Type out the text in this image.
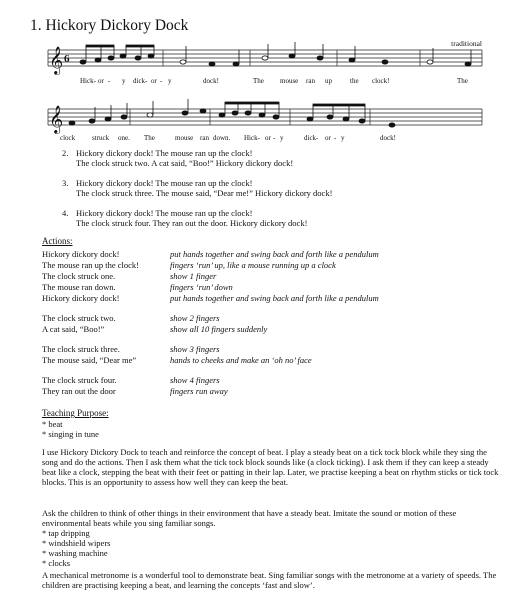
1. Hickory Dickory Dock
traditional
𝄞 6
Hick- or - y dick- or - y	dock!	The mouse ran up	the clock!	The
𝄞
clock struck one. The	mouse ran down. Hick- or - y	dick- or - y	dock!
2. Hickory dickory dock! The mouse ran up the clock!
The clock struck two. A cat said, “Boo!” Hickory dickory dock!
3. Hickory dickory dock! The mouse ran up the clock!
The clock struck three. The mouse said, “Dear me!” Hickory dickory dock!
4. Hickory dickory dock! The mouse ran up the clock!
The clock struck four. They ran out the door. Hickory dickory dock!
Actions:
Hickory dickory dock!	put hands together and swing back and forth like a pendulum
The mouse ran up the clock!	fingers ‘run’ up, like a mouse running up a clock
The clock struck one.	show 1 finger
The mouse ran down.	fingers ‘run’ down
Hickory dickory dock!	put hands together and swing back and forth like a pendulum
The clock struck two.	show 2 fingers
A cat said, “Boo!”	show all 10 fingers suddenly
The clock struck three.	show 3 fingers
The mouse said, “Dear me”	hands to cheeks and make an ‘oh no’ face
The clock struck four.	show 4 fingers
They ran out the door	fingers run away
Teaching Purpose:
* beat
* singing in tune
I use Hickory Dickory Dock to teach and reinforce the concept of beat. I play a steady beat on a tick tock block while they sing the song and do the actions. Then I ask them what the tick tock block sounds like (a clock ticking). I ask them if they can keep a steady beat like a clock, stepping the beat with their feet or patting in their lap. Later, we practise keeping a beat on rhythm sticks or tick tock blocks. This is an opportunity to assess how well they can keep the beat.
Ask the children to think of other things in their environment that have a steady beat. Imitate the sound or motion of these environmental beats while you sing familiar songs.
* tap dripping
* windshield wipers
* washing machine
* clocks
A mechanical metronome is a wonderful tool to demonstrate beat. Sing familiar songs with the metronome at a variety of speeds. The children are practising keeping a beat, and learning the concepts ‘fast and slow’.
